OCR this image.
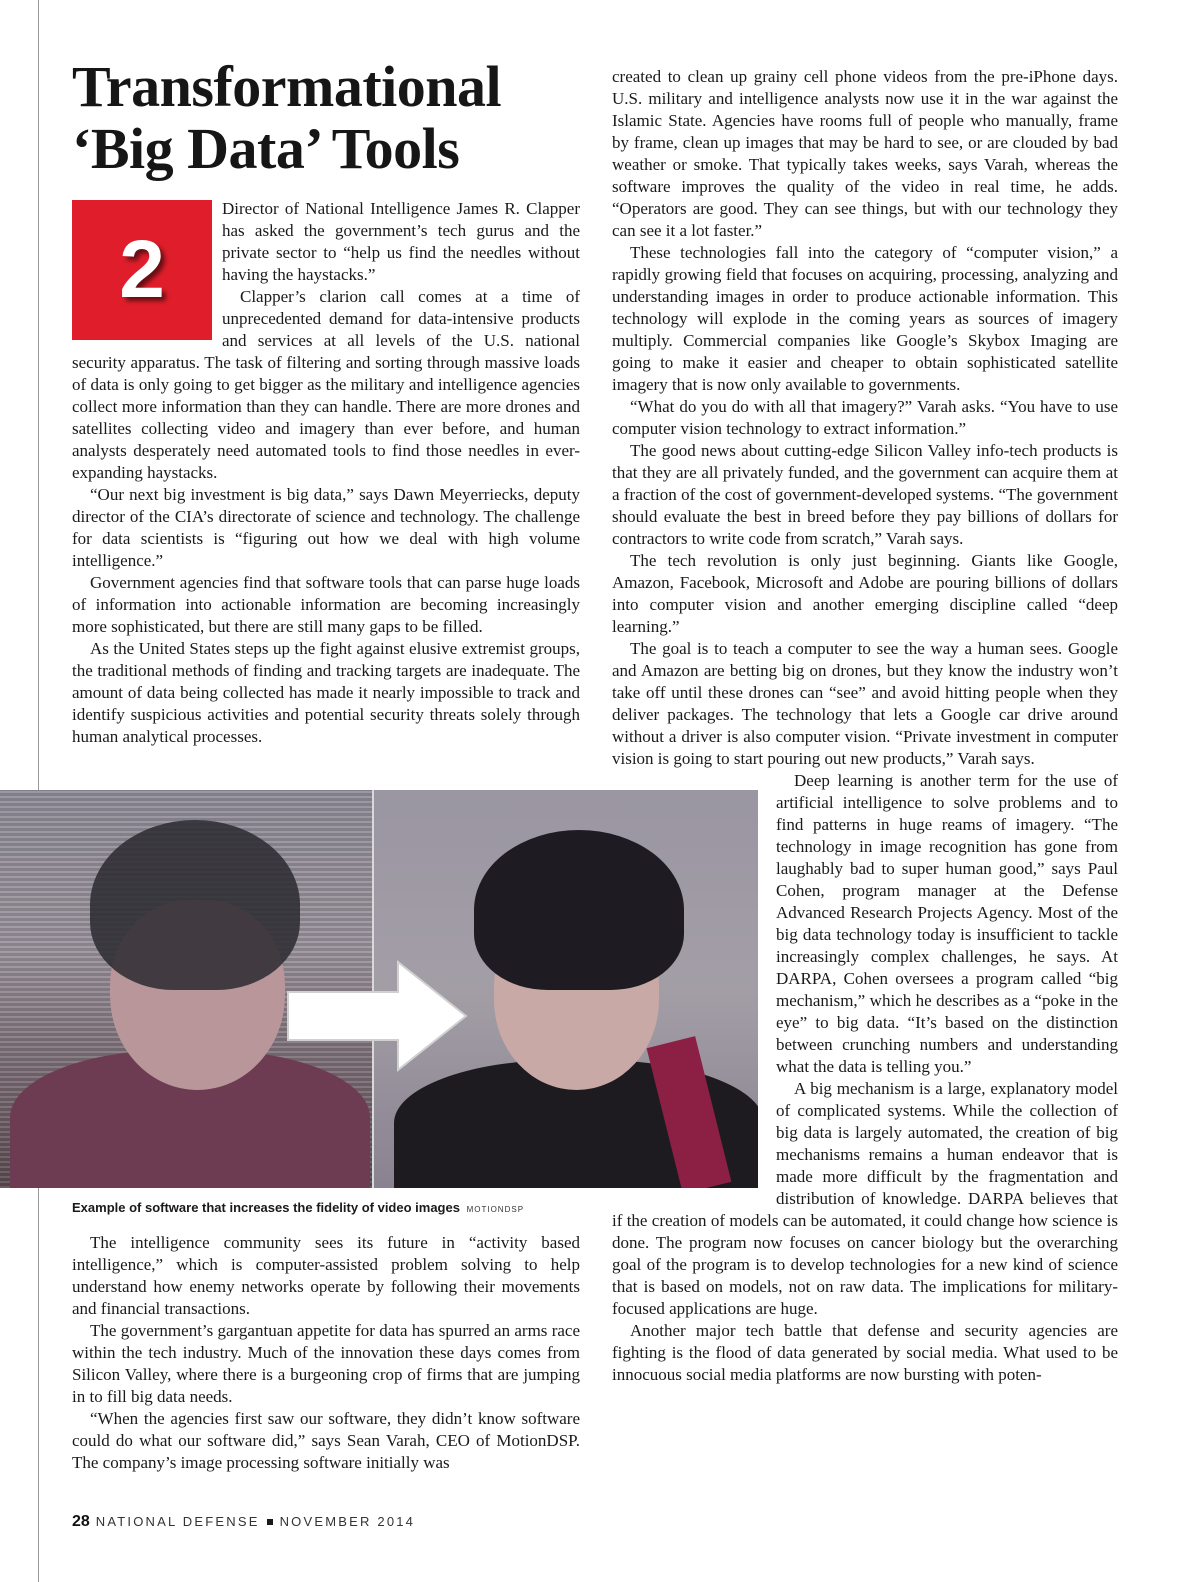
Transformational
‘Big Data’ Tools
2

Director of National Intelligence James R. Clapper has asked the government’s tech gurus and the private sector to “help us find the needles without having the haystacks.”

Clapper’s clarion call comes at a time of unprecedented demand for data-intensive products and services at all levels of the U.S. national security apparatus. The task of filtering and sorting through massive loads of data is only going to get bigger as the military and intelligence agencies collect more information than they can handle. There are more drones and satellites collecting video and imagery than ever before, and human analysts desperately need automated tools to find those needles in ever-expanding haystacks.

“Our next big investment is big data,” says Dawn Meyerriecks, deputy director of the CIA’s directorate of science and technology. The challenge for data scientists is “figuring out how we deal with high volume intelligence.”

Government agencies find that software tools that can parse huge loads of information into actionable information are becoming increasingly more sophisticated, but there are still many gaps to be filled.

As the United States steps up the fight against elusive extremist groups, the traditional methods of finding and tracking targets are inadequate. The amount of data being collected has made it nearly impossible to track and identify suspicious activities and potential security threats solely through human analytical processes.

Example of software that increases the fidelity of video images MOTIONDSP

The intelligence community sees its future in “activity based intelligence,” which is computer-assisted problem solving to help understand how enemy networks operate by following their movements and financial transactions.

The government’s gargantuan appetite for data has spurred an arms race within the tech industry. Much of the innovation these days comes from Silicon Valley, where there is a burgeoning crop of firms that are jumping in to fill big data needs.

“When the agencies first saw our software, they didn’t know software could do what our software did,” says Sean Varah, CEO of MotionDSP. The company’s image processing software initially was

created to clean up grainy cell phone videos from the pre-iPhone days. U.S. military and intelligence analysts now use it in the war against the Islamic State. Agencies have rooms full of people who manually, frame by frame, clean up images that may be hard to see, or are clouded by bad weather or smoke. That typically takes weeks, says Varah, whereas the software improves the quality of the video in real time, he adds. “Operators are good. They can see things, but with our technology they can see it a lot faster.”

These technologies fall into the category of “computer vision,” a rapidly growing field that focuses on acquiring, processing, analyzing and understanding images in order to produce actionable information. This technology will explode in the coming years as sources of imagery multiply. Commercial companies like Google’s Skybox Imaging are going to make it easier and cheaper to obtain sophisticated satellite imagery that is now only available to governments.

“What do you do with all that imagery?” Varah asks. “You have to use computer vision technology to extract information.”

The good news about cutting-edge Silicon Valley info-tech products is that they are all privately funded, and the government can acquire them at a fraction of the cost of government-developed systems. “The government should evaluate the best in breed before they pay billions of dollars for contractors to write code from scratch,” Varah says.

The tech revolution is only just beginning. Giants like Google, Amazon, Facebook, Microsoft and Adobe are pouring billions of dollars into computer vision and another emerging discipline called “deep learning.”

The goal is to teach a computer to see the way a human sees. Google and Amazon are betting big on drones, but they know the industry won’t take off until these drones can “see” and avoid hitting people when they deliver packages. The technology that lets a Google car drive around without a driver is also computer vision. “Private investment in computer vision is going to start pouring out new products,” Varah says.

Deep learning is another term for the use of artificial intelligence to solve problems and to find patterns in huge reams of imagery. “The technology in image recognition has gone from laughably bad to super human good,” says Paul Cohen, program manager at the Defense Advanced Research Projects Agency. Most of the big data technology today is insufficient to tackle increasingly complex challenges, he says. At DARPA, Cohen oversees a program called “big mechanism,” which he describes as a “poke in the eye” to big data. “It’s based on the distinction between crunching numbers and understanding what the data is telling you.”

A big mechanism is a large, explanatory model of complicated systems. While the collection of big data is largely automated, the creation of big mechanisms remains a human endeavor that is made more difficult by the fragmentation and distribution of knowledge. DARPA believes that if the creation of models can be automated, it could change how science is done. The program now focuses on cancer biology but the overarching goal of the program is to develop technologies for a new kind of science that is based on models, not on raw data. The implications for military-focused applications are huge.

Another major tech battle that defense and security agencies are fighting is the flood of data generated by social media. What used to be innocuous social media platforms are now bursting with poten-

28 NATIONAL DEFENSE NOVEMBER 2014
